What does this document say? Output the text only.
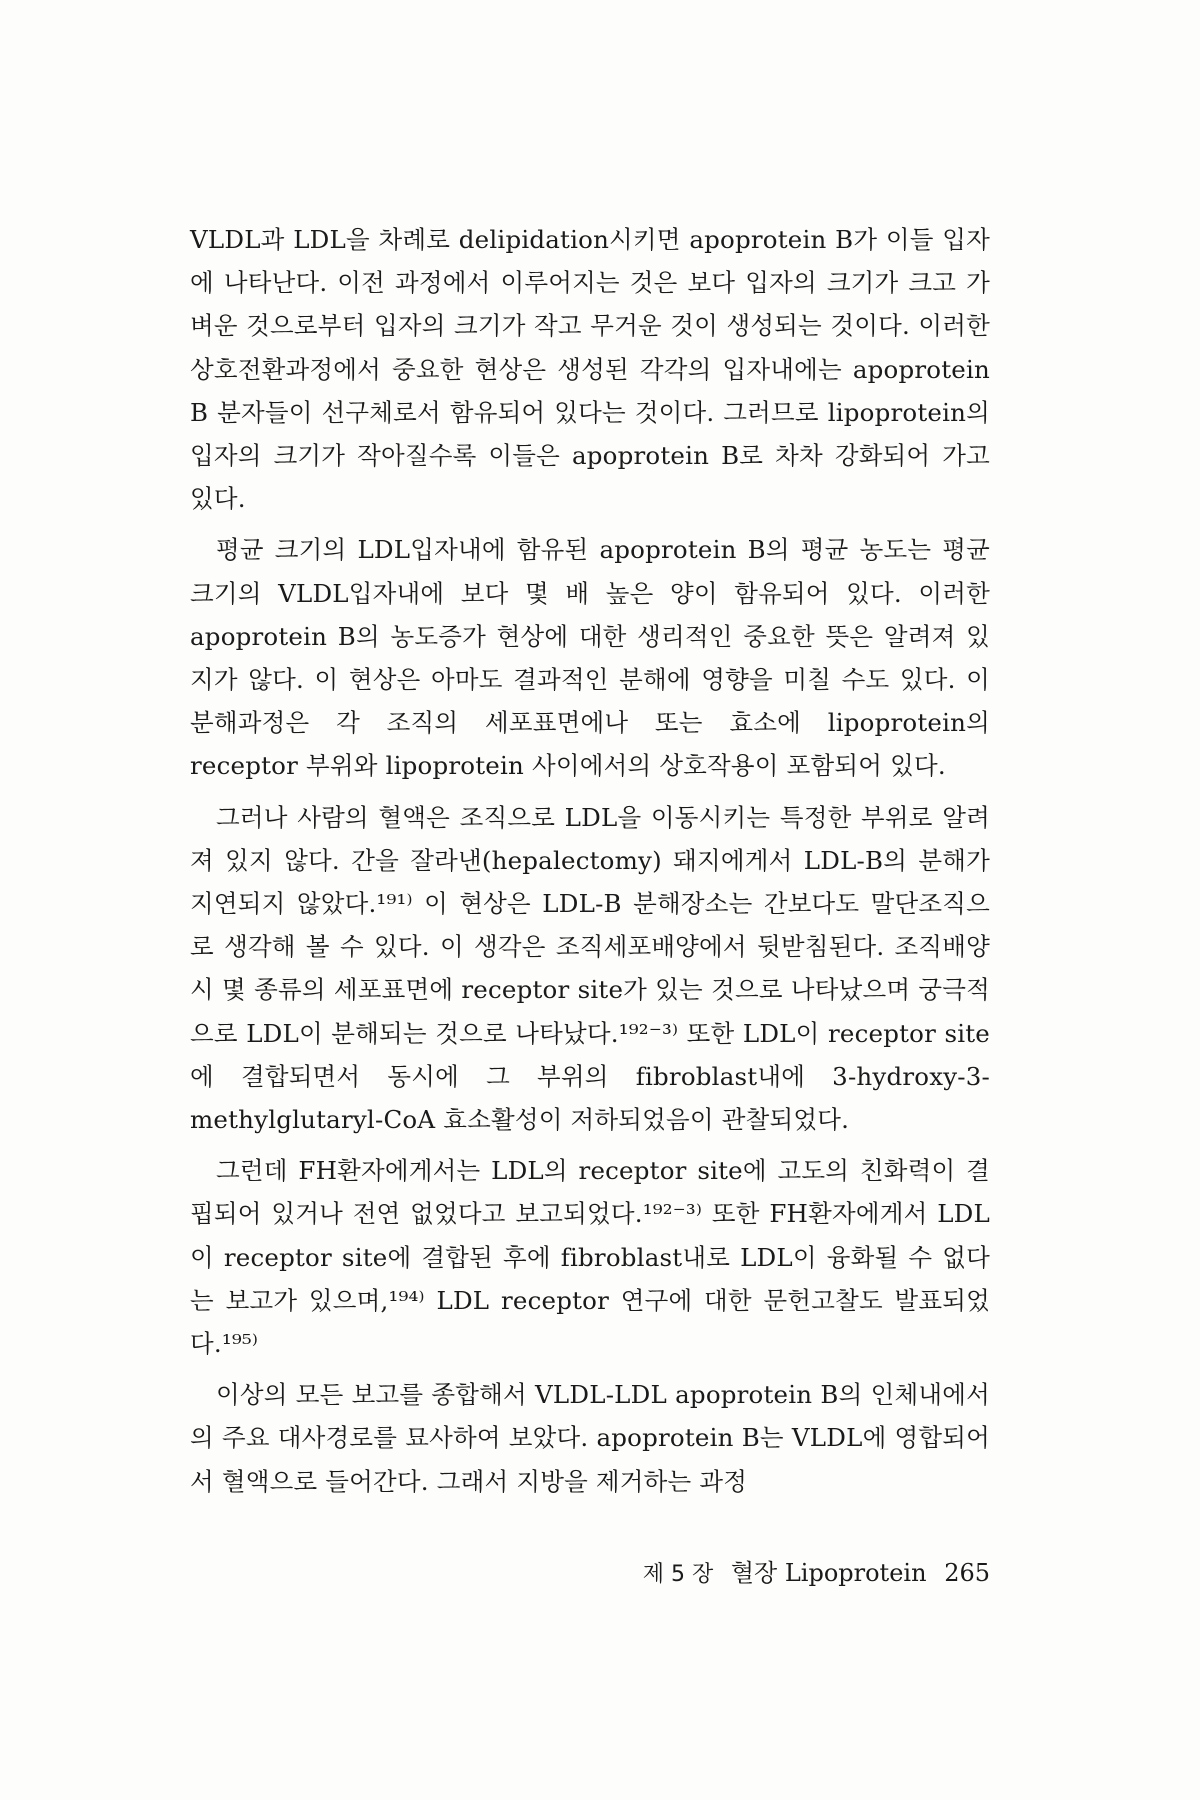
VLDL과 LDL을 차례로 delipidation시키면 apoprotein B가 이들 입자에 나타난다. 이전 과정에서 이루어지는 것은 보다 입자의 크기가 크고 가벼운 것으로부터 입자의 크기가 작고 무거운 것이 생성되는 것이다. 이러한 상호전환과정에서 중요한 현상은 생성된 각각의 입자내에는 apoprotein B 분자들이 선구체로서 함유되어 있다는 것이다. 그러므로 lipoprotein의 입자의 크기가 작아질수록 이들은 apoprotein B로 차차 강화되어 가고 있다.

평균 크기의 LDL입자내에 함유된 apoprotein B의 평균 농도는 평균 크기의 VLDL입자내에 보다 몇 배 높은 양이 함유되어 있다. 이러한 apoprotein B의 농도증가 현상에 대한 생리적인 중요한 뜻은 알려져 있지가 않다. 이 현상은 아마도 결과적인 분해에 영향을 미칠 수도 있다. 이 분해과정은 각 조직의 세포표면에나 또는 효소에 lipoprotein의 receptor 부위와 lipoprotein 사이에서의 상호작용이 포함되어 있다.

그러나 사람의 혈액은 조직으로 LDL을 이동시키는 특정한 부위로 알려져 있지 않다. 간을 잘라낸(hepalectomy) 돼지에게서 LDL-B의 분해가 지연되지 않았다.¹⁹¹⁾ 이 현상은 LDL-B 분해장소는 간보다도 말단조직으로 생각해 볼 수 있다. 이 생각은 조직세포배양에서 뒷받침된다. 조직배양시 몇 종류의 세포표면에 receptor site가 있는 것으로 나타났으며 궁극적으로 LDL이 분해되는 것으로 나타났다.¹⁹²⁻³⁾ 또한 LDL이 receptor site에 결합되면서 동시에 그 부위의 fibroblast내에 3-hydroxy-3-methylglutaryl-CoA 효소활성이 저하되었음이 관찰되었다.

그런데 FH환자에게서는 LDL의 receptor site에 고도의 친화력이 결핍되어 있거나 전연 없었다고 보고되었다.¹⁹²⁻³⁾ 또한 FH환자에게서 LDL이 receptor site에 결합된 후에 fibroblast내로 LDL이 융화될 수 없다는 보고가 있으며,¹⁹⁴⁾ LDL receptor 연구에 대한 문헌고찰도 발표되었다.¹⁹⁵⁾

이상의 모든 보고를 종합해서 VLDL-LDL apoprotein B의 인체내에서의 주요 대사경로를 묘사하여 보았다. apoprotein B는 VLDL에 영합되어서 혈액으로 들어간다. 그래서 지방을 제거하는 과정

제 5 장 혈장 Lipoprotein 265
